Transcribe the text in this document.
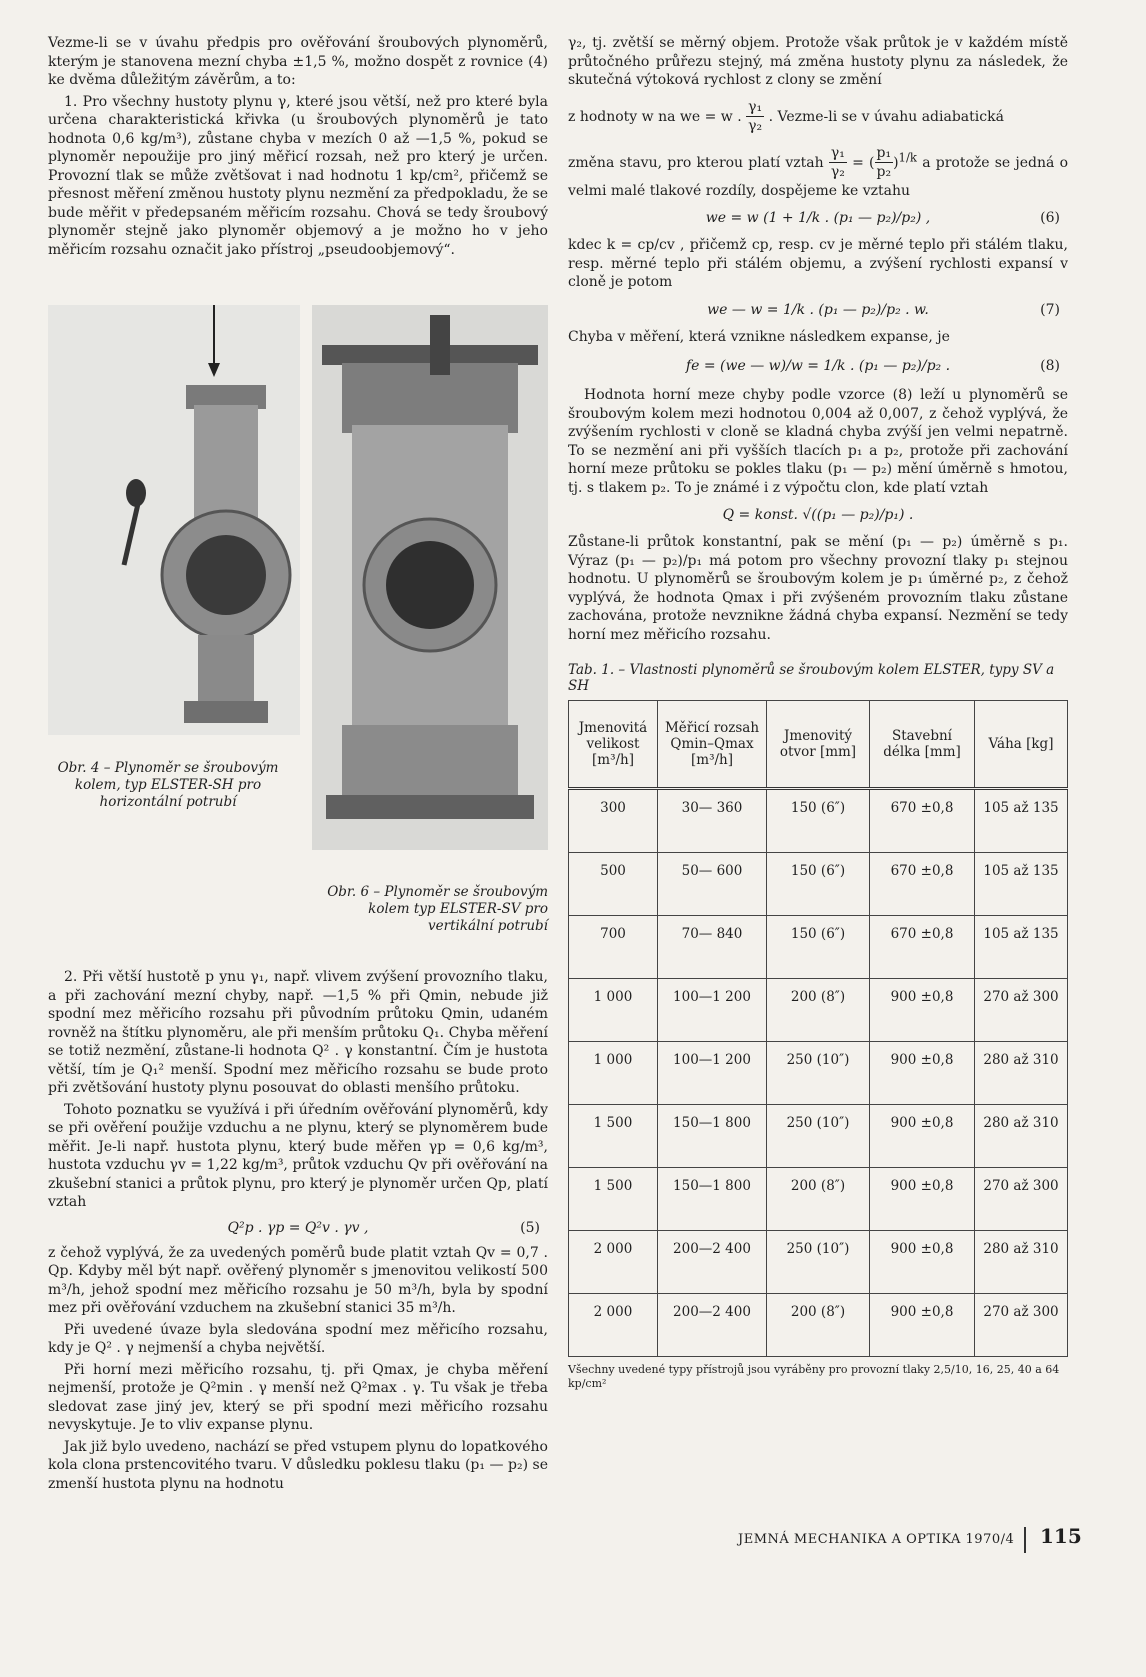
Vezme-li se v úvahu předpis pro ověřování šroubových plynoměrů, kterým je stanovena mezní chyba ±1,5 %, možno dospět z rovnice (4) ke dvěma důležitým závěrům, a to:

1. Pro všechny hustoty plynu γ, které jsou větší, než pro které byla určena charakteristická křivka (u šroubových plynoměrů je tato hodnota 0,6 kg/m³), zůstane chyba v mezích 0 až —1,5 %, pokud se plynoměr nepoužije pro jiný měřicí rozsah, než pro který je určen. Provozní tlak se může zvětšovat i nad hodnotu 1 kp/cm², přičemž se přesnost měření změnou hustoty plynu nezmění za předpokladu, že se bude měřit v předepsaném měřicím rozsahu. Chová se tedy šroubový plynoměr stejně jako plynoměr objemový a je možno ho v jeho měřicím rozsahu označit jako přístroj „pseudoobjemový“.

Obr. 4 – Plynoměr se šroubovým kolem, typ ELSTER-SH pro horizontální potrubí
Obr. 6 – Plynoměr se šroubovým kolem typ ELSTER-SV pro vertikální potrubí

2. Při větší hustotě p ynu γ₁, např. vlivem zvýšení provozního tlaku, a při zachování mezní chyby, např. —1,5 % při Qmin, nebude již spodní mez měřicího rozsahu při původním průtoku Qmin, udaném rovněž na štítku plynoměru, ale při menším průtoku Q₁. Chyba měření se totiž nezmění, zůstane-li hodnota Q² . γ konstantní. Čím je hustota větší, tím je Q₁² menší. Spodní mez měřicího rozsahu se bude proto při zvětšování hustoty plynu posouvat do oblasti menšího průtoku.

Tohoto poznatku se využívá i při úředním ověřování plynoměrů, kdy se při ověření použije vzduchu a ne plynu, který se plynoměrem bude měřit. Je-li např. hustota plynu, který bude měřen γp = 0,6 kg/m³, hustota vzduchu γv = 1,22 kg/m³, průtok vzduchu Qv při ověřování na zkušební stanici a průtok plynu, pro který je plynoměr určen Qp, platí vztah

Q²p . γp = Q²v . γv ,	(5)

z čehož vyplývá, že za uvedených poměrů bude platit vztah Qv = 0,7 . Qp. Kdyby měl být např. ověřený plynoměr s jmenovitou velikostí 500 m³/h, jehož spodní mez měřicího rozsahu je 50 m³/h, byla by spodní mez při ověřování vzduchem na zkušební stanici 35 m³/h.

Při uvedené úvaze byla sledována spodní mez měřicího rozsahu, kdy je Q² . γ nejmenší a chyba největší.

Při horní mezi měřicího rozsahu, tj. při Qmax, je chyba měření nejmenší, protože je Q²min . γ menší než Q²max . γ. Tu však je třeba sledovat zase jiný jev, který se při spodní mezi měřicího rozsahu nevyskytuje. Je to vliv expanse plynu.

Jak již bylo uvedeno, nachází se před vstupem plynu do lopatkového kola clona prstencovitého tvaru. V důsledku poklesu tlaku (p₁ — p₂) se zmenší hustota plynu na hodnotu

γ₂, tj. zvětší se měrný objem. Protože však průtok je v každém místě průtočného průřezu stejný, má změna hustoty plynu za následek, že skutečná výtoková rychlost z clony se změní

z hodnoty w na we = w . $\frac{\text{γ₁}}{\text{γ₂}}$ . Vezme-li se v úvahu adiabatická

změna stavu, pro kterou platí vztah $\frac{\text{γ₁}}{\text{γ₂}}$ = ( $\frac{\text{p₁}}{\text{p₂}} )^{1/k}$ a protože se jedná o velmi malé tlakové rozdíly, dospějeme ke vztahu

we = w (1 + 1/k . (p₁ — p₂)/p₂) ,	(6)

kdec k = cp/cv , přičemž cp, resp. cv je měrné teplo při stálém tlaku, resp. měrné teplo při stálém objemu, a zvýšení rychlosti expansí v cloně je potom

we — w = 1/k . (p₁ — p₂)/p₂ . w.	(7)

Chyba v měření, která vznikne následkem expanse, je

fe = (we — w)/w = 1/k . (p₁ — p₂)/p₂ .	(8)

Hodnota horní meze chyby podle vzorce (8) leží u plynoměrů se šroubovým kolem mezi hodnotou 0,004 až 0,007, z čehož vyplývá, že zvýšením rychlosti v cloně se kladná chyba zvýší jen velmi nepatrně. To se nezmění ani při vyšších tlacích p₁ a p₂, protože při zachování horní meze průtoku se pokles tlaku (p₁ — p₂) mění úměrně s hmotou, tj. s tlakem p₂. To je známé i z výpočtu clon, kde platí vztah

Q = konst. √((p₁ — p₂)/p₁) .

Zůstane-li průtok konstantní, pak se mění (p₁ — p₂) úměrně s p₁. Výraz (p₁ — p₂)/p₁ má potom pro všechny provozní tlaky p₁ stejnou hodnotu. U plynoměrů se šroubovým kolem je p₁ úměrné p₂, z čehož vyplývá, že hodnota Qmax i při zvýšeném provozním tlaku zůstane zachována, protože nevznikne žádná chyba expansí. Nezmění se tedy horní mez měřicího rozsahu.

Tab. 1. – Vlastnosti plynoměrů se šroubovým kolem ELSTER, typy SV a SH
Jmenovitá velikost [m³/h]	Měřicí rozsah Qmin–Qmax [m³/h]	Jmenovitý otvor [mm]	Stavební délka [mm]	Váha [kg]
300	30— 360	150 (6″)	670 ±0,8	105 až 135
500	50— 600	150 (6″)	670 ±0,8	105 až 135
700	70— 840	150 (6″)	670 ±0,8	105 až 135
1 000	100—1 200	200 (8″)	900 ±0,8	270 až 300
1 000	100—1 200	250 (10″)	900 ±0,8	280 až 310
1 500	150—1 800	250 (10″)	900 ±0,8	280 až 310
1 500	150—1 800	200 (8″)	900 ±0,8	270 až 300
2 000	200—2 400	250 (10″)	900 ±0,8	280 až 310
2 000	200—2 400	200 (8″)	900 ±0,8	270 až 300
Všechny uvedené typy přístrojů jsou vyráběny pro provozní tlaky 2,5/10, 16, 25, 40 a 64 kp/cm²
JEMNÁ MECHANIKA A OPTIKA 1970/4 115
